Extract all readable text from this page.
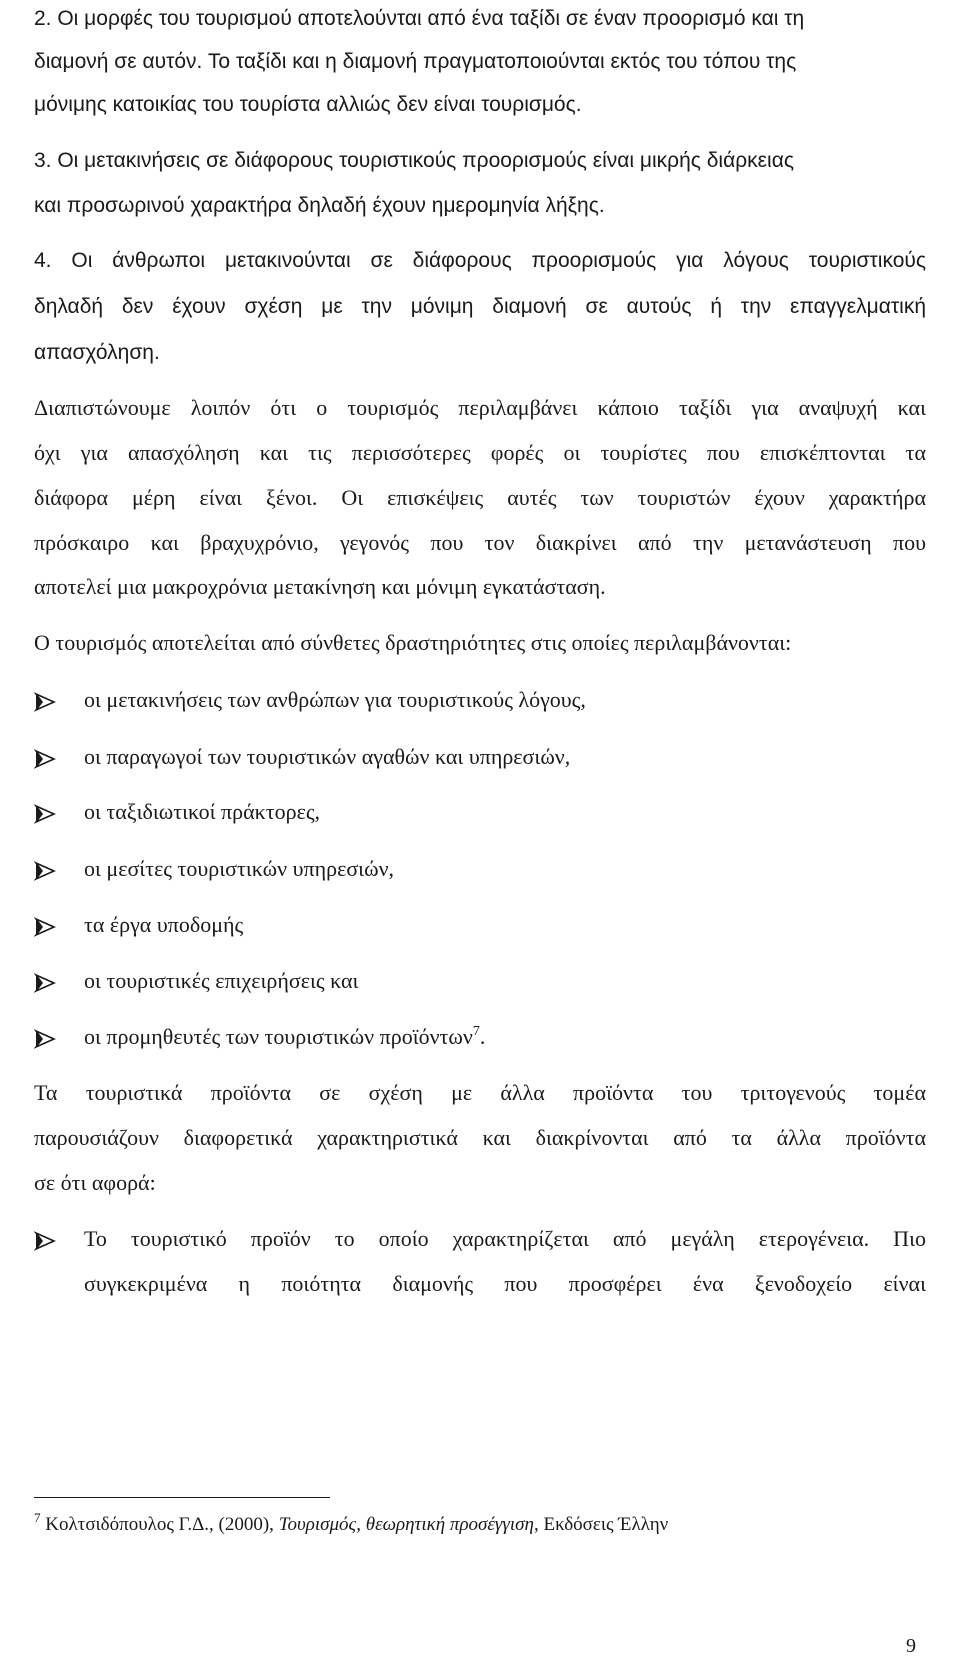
2. Οι μορφές του τουρισμού αποτελούνται από ένα ταξίδι σε έναν προορισμό και τη
διαμονή σε αυτόν. Το ταξίδι και η διαμονή πραγματοποιούνται εκτός του τόπου της
μόνιμης κατοικίας του τουρίστα αλλιώς δεν είναι τουρισμός.
3. Οι μετακινήσεις σε διάφορους τουριστικούς προορισμούς είναι μικρής διάρκειας
και προσωρινού χαρακτήρα δηλαδή έχουν ημερομηνία λήξης.
4. Οι άνθρωποι μετακινούνται σε διάφορους προορισμούς για λόγους τουριστικούς
δηλαδή δεν έχουν σχέση με την μόνιμη διαμονή σε αυτούς ή την επαγγελματική
απασχόληση.
Διαπιστώνουμε λοιπόν ότι ο τουρισμός περιλαμβάνει κάποιο ταξίδι για αναψυχή και
όχι για απασχόληση και τις περισσότερες φορές οι τουρίστες που επισκέπτονται τα
διάφορα μέρη είναι ξένοι. Οι επισκέψεις αυτές των τουριστών έχουν χαρακτήρα
πρόσκαιρο και βραχυχρόνιο, γεγονός που τον διακρίνει από την μετανάστευση που
αποτελεί μια μακροχρόνια μετακίνηση και μόνιμη εγκατάσταση.
Ο τουρισμός αποτελείται από σύνθετες δραστηριότητες στις οποίες περιλαμβάνονται:
οι μετακινήσεις των ανθρώπων για τουριστικούς λόγους,
οι παραγωγοί των τουριστικών αγαθών και υπηρεσιών,
οι ταξιδιωτικοί πράκτορες,
οι μεσίτες τουριστικών υπηρεσιών,
τα έργα υποδομής
οι τουριστικές επιχειρήσεις και
οι προμηθευτές των τουριστικών προϊόντων$^7$.
Τα τουριστικά προϊόντα σε σχέση με άλλα προϊόντα του τριτογενούς τομέα
παρουσιάζουν διαφορετικά χαρακτηριστικά και διακρίνονται από τα άλλα προϊόντα
σε ότι αφορά:
Το τουριστικό προϊόν το οποίο χαρακτηρίζεται από μεγάλη ετερογένεια. Πιο
συγκεκριμένα η ποιότητα διαμονής που προσφέρει ένα ξενοδοχείο είναι
$^7$ Κολτσιδόπουλος Γ.Δ., (2000), Τουρισμός, θεωρητική προσέγγιση, Εκδόσεις Έλλην
9
